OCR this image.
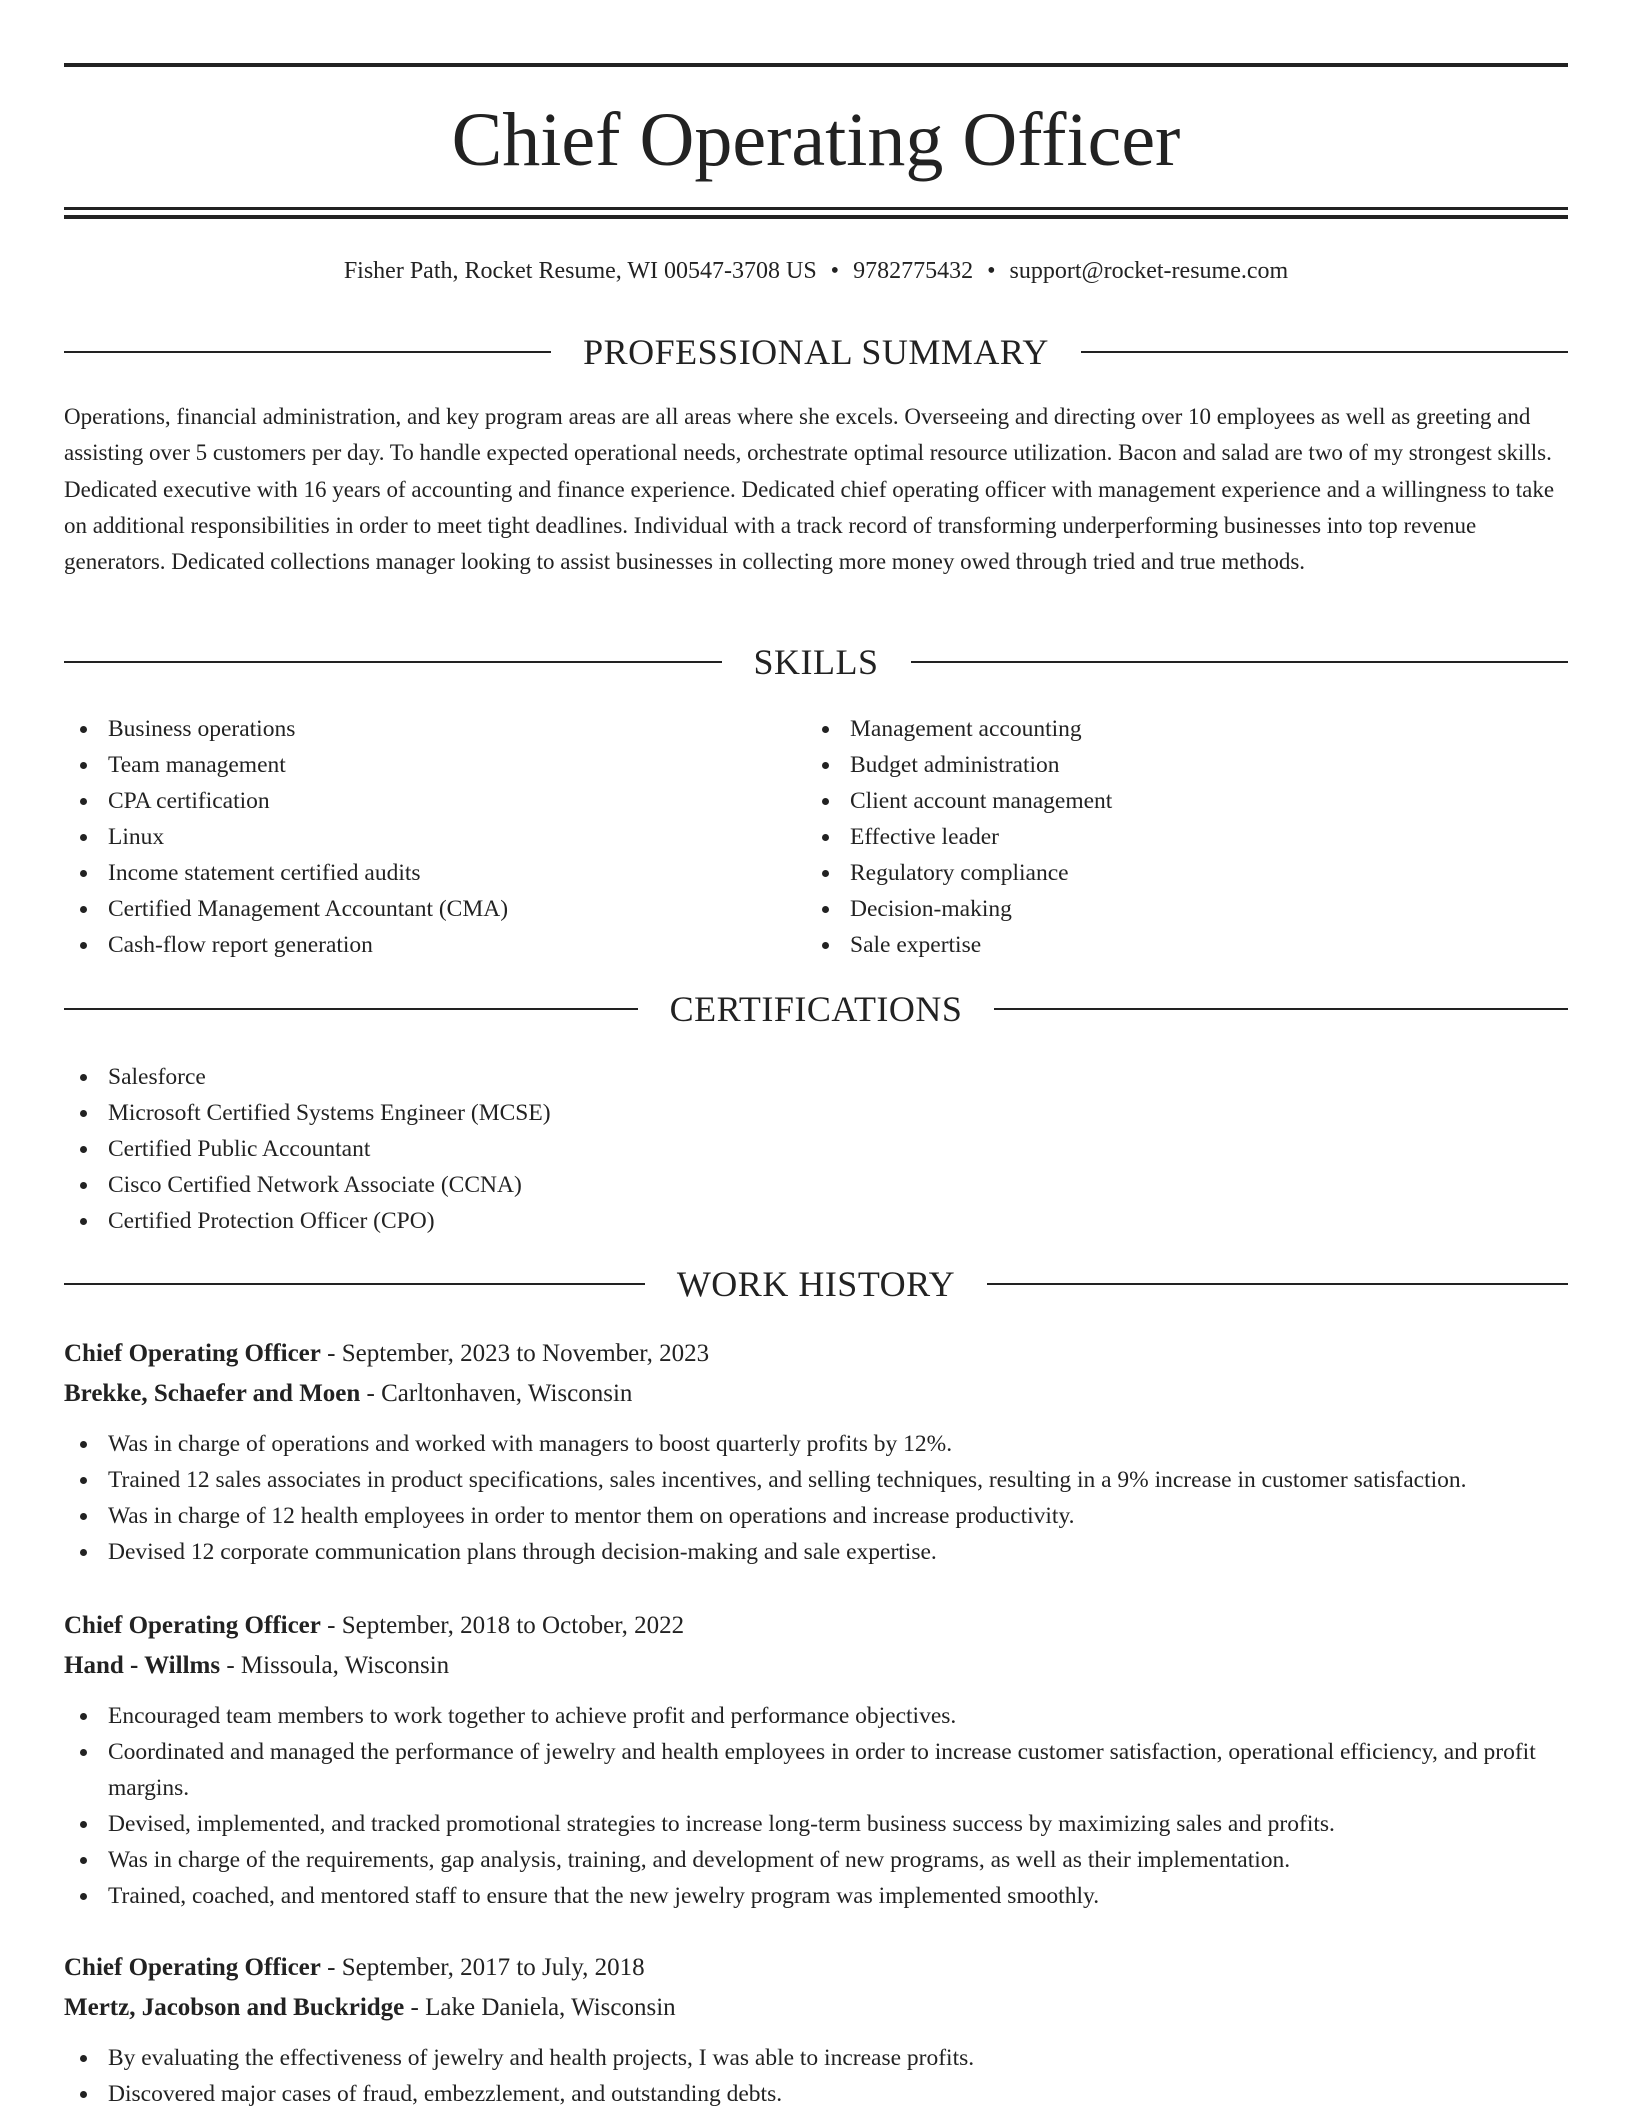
Chief Operating Officer
Fisher Path, Rocket Resume, WI 00547-3708 US • 9782775432 • support@rocket-resume.com
PROFESSIONAL SUMMARY

Operations, financial administration, and key program areas are all areas where she excels. Overseeing and directing over 10 employees as well as greeting and assisting over 5 customers per day. To handle expected operational needs, orchestrate optimal resource utilization. Bacon and salad are two of my strongest skills. Dedicated executive with 16 years of accounting and finance experience. Dedicated chief operating officer with management experience and a willingness to take on additional responsibilities in order to meet tight deadlines. Individual with a track record of transforming underperforming businesses into top revenue generators. Dedicated collections manager looking to assist businesses in collecting more money owed through tried and true methods.

SKILLS
Business operations
Team management
CPA certification
Linux
Income statement certified audits
Certified Management Accountant (CMA)
Cash-flow report generation
Management accounting
Budget administration
Client account management
Effective leader
Regulatory compliance
Decision-making
Sale expertise
CERTIFICATIONS
Salesforce
Microsoft Certified Systems Engineer (MCSE)
Certified Public Accountant
Cisco Certified Network Associate (CCNA)
Certified Protection Officer (CPO)
WORK HISTORY
Chief Operating Officer - September, 2023 to November, 2023
Brekke, Schaefer and Moen - Carltonhaven, Wisconsin
Was in charge of operations and worked with managers to boost quarterly profits by 12%.
Trained 12 sales associates in product specifications, sales incentives, and selling techniques, resulting in a 9% increase in customer satisfaction.
Was in charge of 12 health employees in order to mentor them on operations and increase productivity.
Devised 12 corporate communication plans through decision-making and sale expertise.
Chief Operating Officer - September, 2018 to October, 2022
Hand - Willms - Missoula, Wisconsin
Encouraged team members to work together to achieve profit and performance objectives.
Coordinated and managed the performance of jewelry and health employees in order to increase customer satisfaction, operational efficiency, and profit margins.
Devised, implemented, and tracked promotional strategies to increase long-term business success by maximizing sales and profits.
Was in charge of the requirements, gap analysis, training, and development of new programs, as well as their implementation.
Trained, coached, and mentored staff to ensure that the new jewelry program was implemented smoothly.
Chief Operating Officer - September, 2017 to July, 2018
Mertz, Jacobson and Buckridge - Lake Daniela, Wisconsin
By evaluating the effectiveness of jewelry and health projects, I was able to increase profits.
Discovered major cases of fraud, embezzlement, and outstanding debts.
